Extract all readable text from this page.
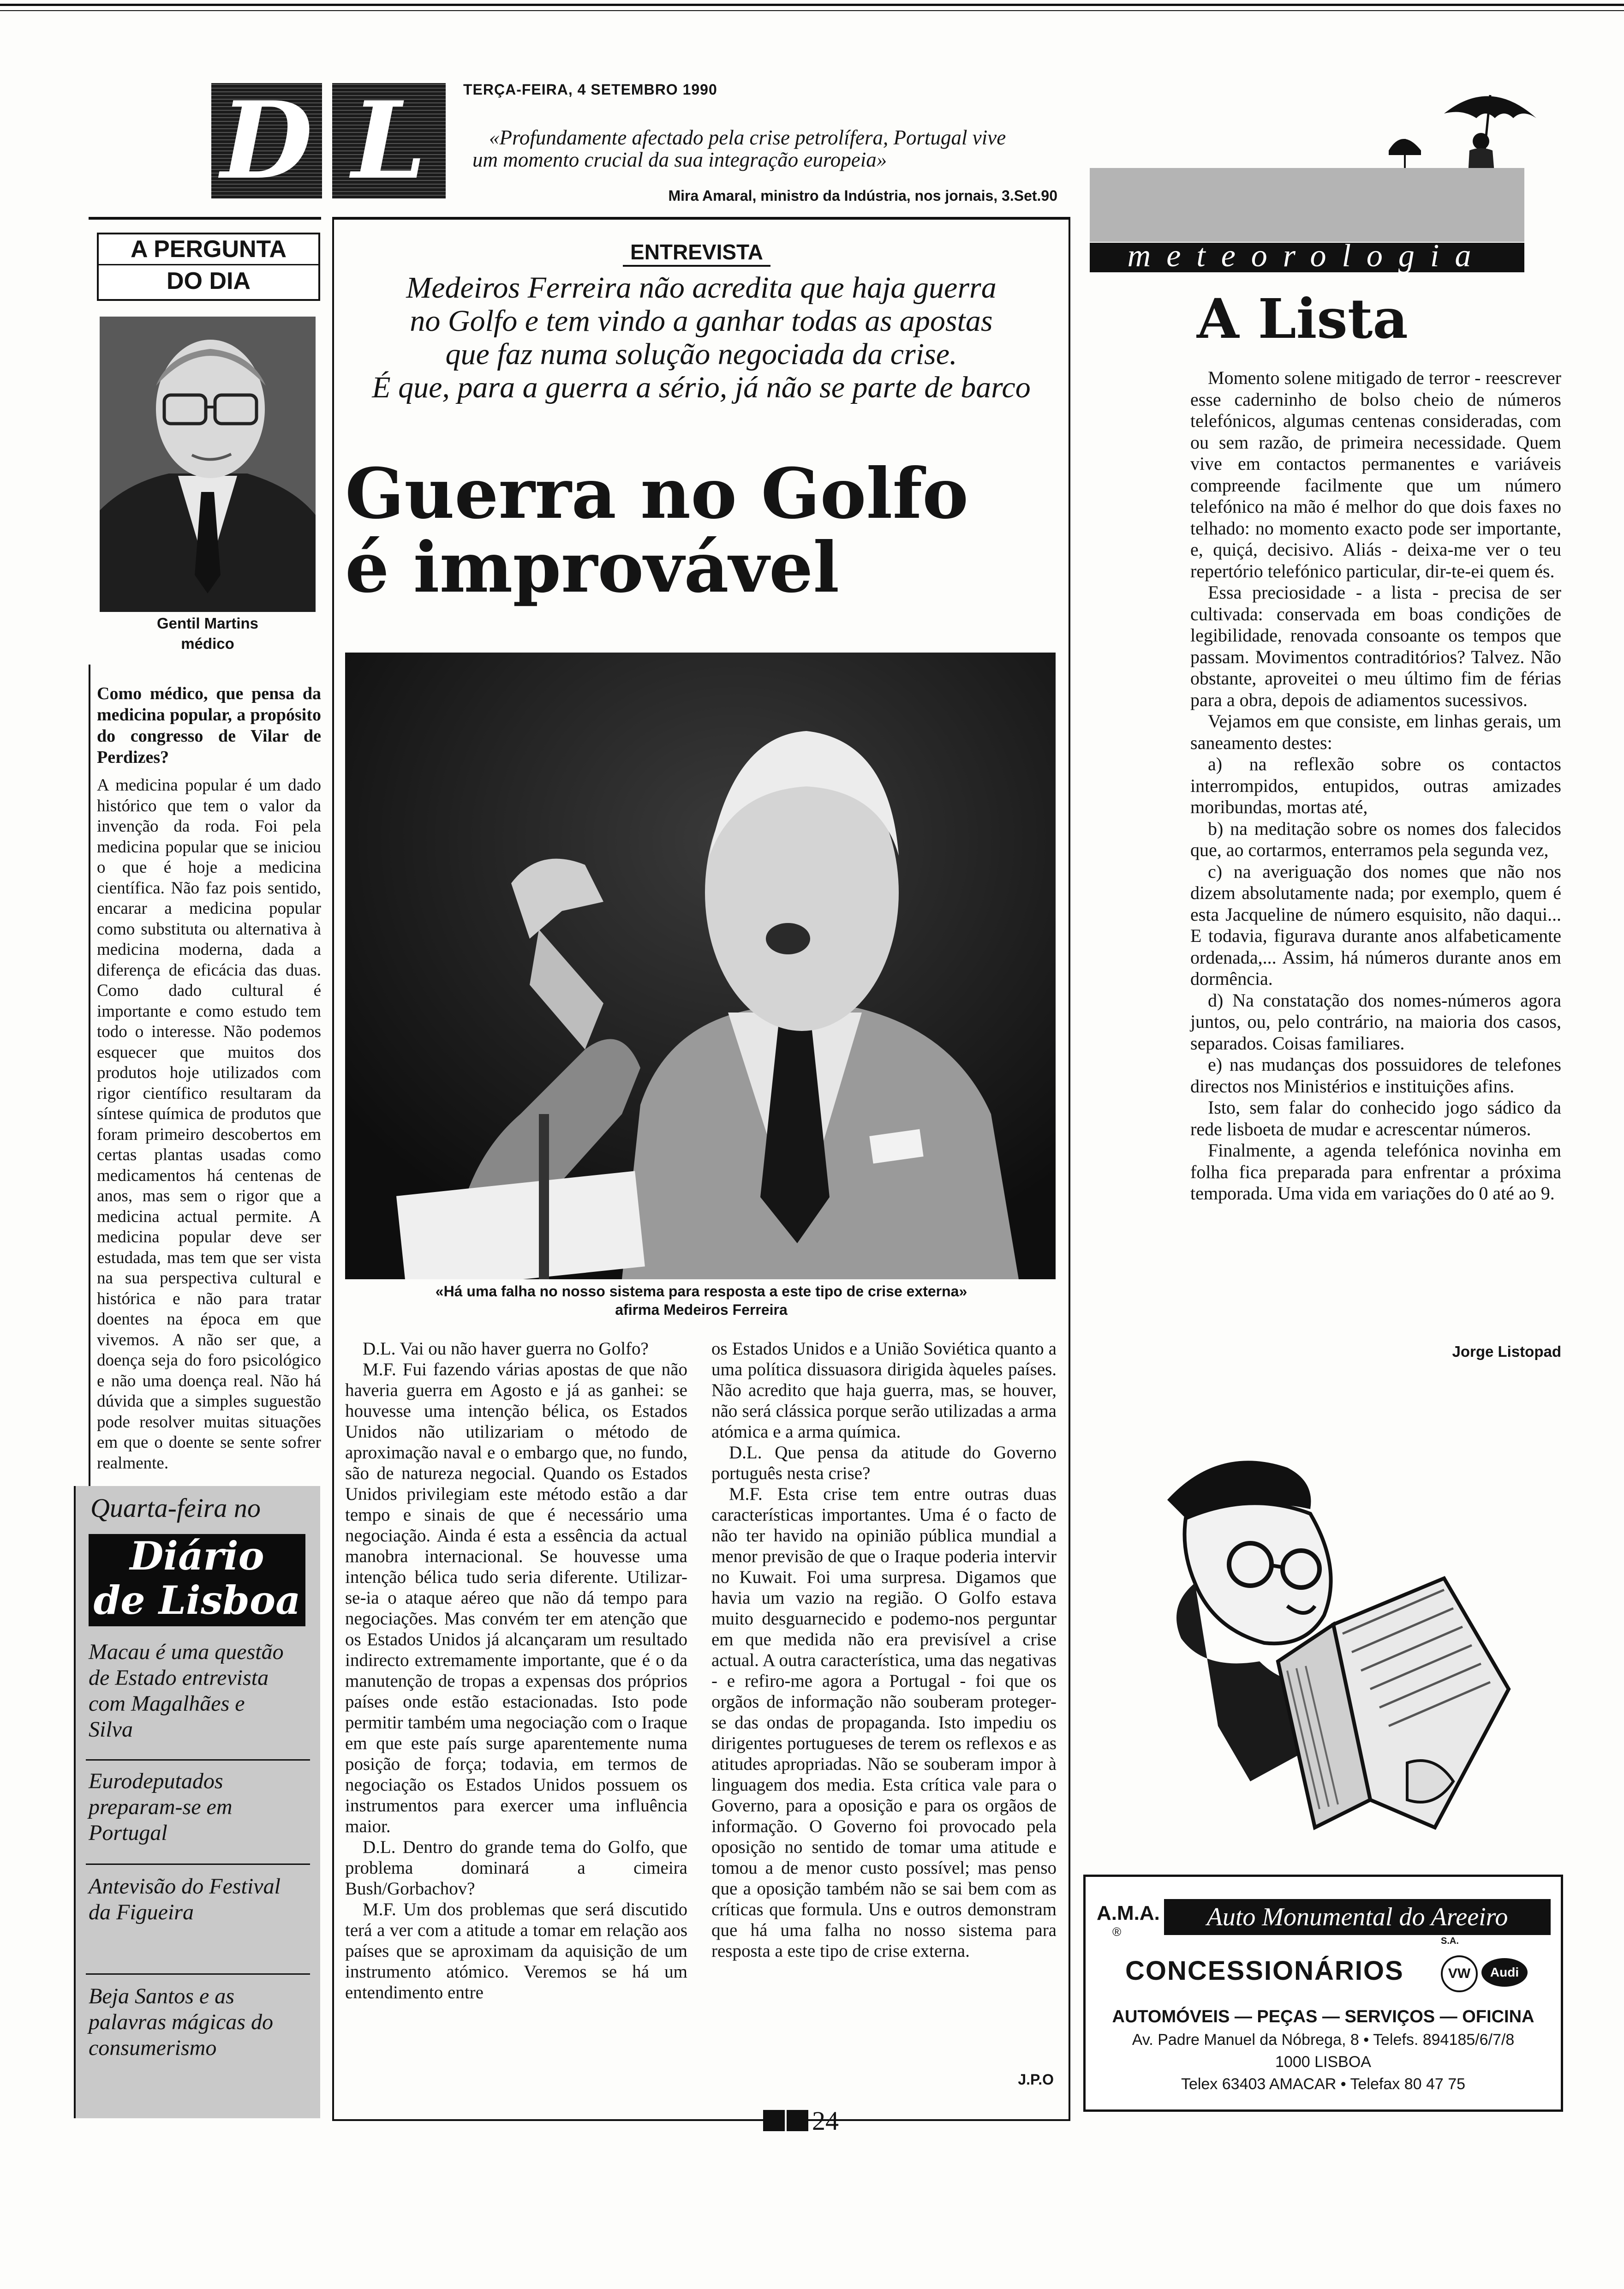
D L	TERÇA-FEIRA, 4 SETEMBRO 1990
«Profundamente afectado pela crise petrolífera, Portugal vive
um momento crucial da sua integração europeia»
Mira Amaral, ministro da Indústria, nos jornais, 3.Set.90
A PERGUNTA
DO DIA
Gentil Martins
médico
Como médico, que pensa da medicina popular, a propósito do congresso de Vilar de Perdizes?
A medicina popular é um dado histórico que tem o valor da invenção da roda. Foi pela medicina popular que se iniciou o que é hoje a medicina científica. Não faz pois sentido, encarar a medicina popular como substituta ou alternativa à medicina moderna, dada a diferença de eficácia das duas. Como dado cultural é importante e como estudo tem todo o interesse. Não podemos esquecer que muitos dos produtos hoje utilizados com rigor científico resultaram da síntese química de produtos que foram primeiro descobertos em certas plantas usadas como medicamentos há centenas de anos, mas sem o rigor que a medicina actual permite. A medicina popular deve ser estudada, mas tem que ser vista na sua perspectiva cultural e histórica e não para tratar doentes na época em que vivemos. A não ser que, a doença seja do foro psicológico e não uma doença real. Não há dúvida que a simples suguestão pode resolver muitas situações em que o doente se sente sofrer realmente.
Quarta-feira no
Diário
de Lisboa
Macau é uma questão de Estado entrevista com Magalhães e Silva
Eurodeputados preparam-se em Portugal
Antevisão do Festival da Figueira
Beja Santos e as palavras mágicas do consumerismo
ENTREVISTA
Medeiros Ferreira não acredita que haja guerra
no Golfo e tem vindo a ganhar todas as apostas
que faz numa solução negociada da crise.
É que, para a guerra a sério, já não se parte de barco
Guerra no Golfo
é improvável
«Há uma falha no nosso sistema para resposta a este tipo de crise externa»
afirma Medeiros Ferreira

D.L. Vai ou não haver guerra no Golfo?

M.F. Fui fazendo várias apostas de que não haveria guerra em Agosto e já as ganhei: se houvesse uma intenção bélica, os Estados Unidos não utilizariam o método de aproximação naval e o embargo que, no fundo, são de natureza negocial. Quando os Estados Unidos privilegiam este método estão a dar tempo e sinais de que é necessário uma negociação. Ainda é esta a essência da actual manobra internacional. Se houvesse uma intenção bélica tudo seria diferente. Utilizar-se-ia o ataque aéreo que não dá tempo para negociações. Mas convém ter em atenção que os Estados Unidos já alcançaram um resultado indirecto extremamente importante, que é o da manutenção de tropas a expensas dos próprios países onde estão estacionadas. Isto pode permitir também uma negociação com o Iraque em que este país surge aparentemente numa posição de força; todavia, em termos de negociação os Estados Unidos possuem os instrumentos para exercer uma influência maior.

D.L. Dentro do grande tema do Golfo, que problema dominará a cimeira Bush/Gorbachov?

M.F. Um dos problemas que será discutido terá a ver com a atitude a tomar em relação aos países que se aproximam da aquisição de um instrumento atómico. Veremos se há um entendimento entre

os Estados Unidos e a União Soviética quanto a uma política dissuasora dirigida àqueles países. Não acredito que haja guerra, mas, se houver, não será clássica porque serão utilizadas a arma atómica e a arma química.

D.L. Que pensa da atitude do Governo português nesta crise?

M.F. Esta crise tem entre outras duas características importantes. Uma é o facto de não ter havido na opinião pública mundial a menor previsão de que o Iraque poderia intervir no Kuwait. Foi uma surpresa. Digamos que havia um vazio na região. O Golfo estava muito desguarnecido e podemo-nos perguntar em que medida não era previsível a crise actual. A outra característica, uma das negativas - e refiro-me agora a Portugal - foi que os orgãos de informação não souberam proteger-se das ondas de propaganda. Isto impediu os dirigentes portugueses de terem os reflexos e as atitudes apropriadas. Não se souberam impor à linguagem dos media. Esta crítica vale para o Governo, para a oposição e para os orgãos de informação. O Governo foi provocado pela oposição no sentido de tomar uma atitude e tomou a de menor custo possível; mas penso que a oposição também não se sai bem com as críticas que formula. Uns e outros demonstram que há uma falha no nosso sistema para resposta a este tipo de crise externa.

J.P.O
meteorologia
A Lista

Momento solene mitigado de terror - reescrever esse caderninho de bolso cheio de números telefónicos, algumas centenas consideradas, com ou sem razão, de primeira necessidade. Quem vive em contactos permanentes e variáveis compreende facilmente que um número telefónico na mão é melhor do que dois faxes no telhado: no momento exacto pode ser importante, e, quiçá, decisivo. Aliás - deixa-me ver o teu repertório telefónico particular, dir-te-ei quem és.

Essa preciosidade - a lista - precisa de ser cultivada: conservada em boas condições de legibilidade, renovada consoante os tempos que passam. Movimentos contraditórios? Talvez. Não obstante, aproveitei o meu último fim de férias para a obra, depois de adiamentos sucessivos.

Vejamos em que consiste, em linhas gerais, um saneamento destes:

a) na reflexão sobre os contactos interrompidos, entupidos, outras amizades moribundas, mortas até,

b) na meditação sobre os nomes dos falecidos que, ao cortarmos, enterramos pela segunda vez,

c) na averiguação dos nomes que não nos dizem absolutamente nada; por exemplo, quem é esta Jacqueline de número esquisito, não daqui... E todavia, figurava durante anos alfabeticamente ordenada,... Assim, há números durante anos em dormência.

d) Na constatação dos nomes-números agora juntos, ou, pelo contrário, na maioria dos casos, separados. Coisas familiares.

e) nas mudanças dos possuidores de telefones directos nos Ministérios e instituições afins.

Isto, sem falar do conhecido jogo sádico da rede lisboeta de mudar e acrescentar números.

Finalmente, a agenda telefónica novinha em folha fica preparada para enfrentar a próxima temporada. Uma vida em variações do 0 até ao 9.

Jorge Listopad
A.M.A.
®
Auto Monumental do Areeiro
S.A.
CONCESSIONÁRIOS	VW	Audi
AUTOMÓVEIS — PEÇAS — SERVIÇOS — OFICINA
Av. Padre Manuel da Nóbrega, 8 • Telefs. 894185/6/7/8
1000 LISBOA
Telex 63403 AMACAR • Telefax 80 47 75
24
